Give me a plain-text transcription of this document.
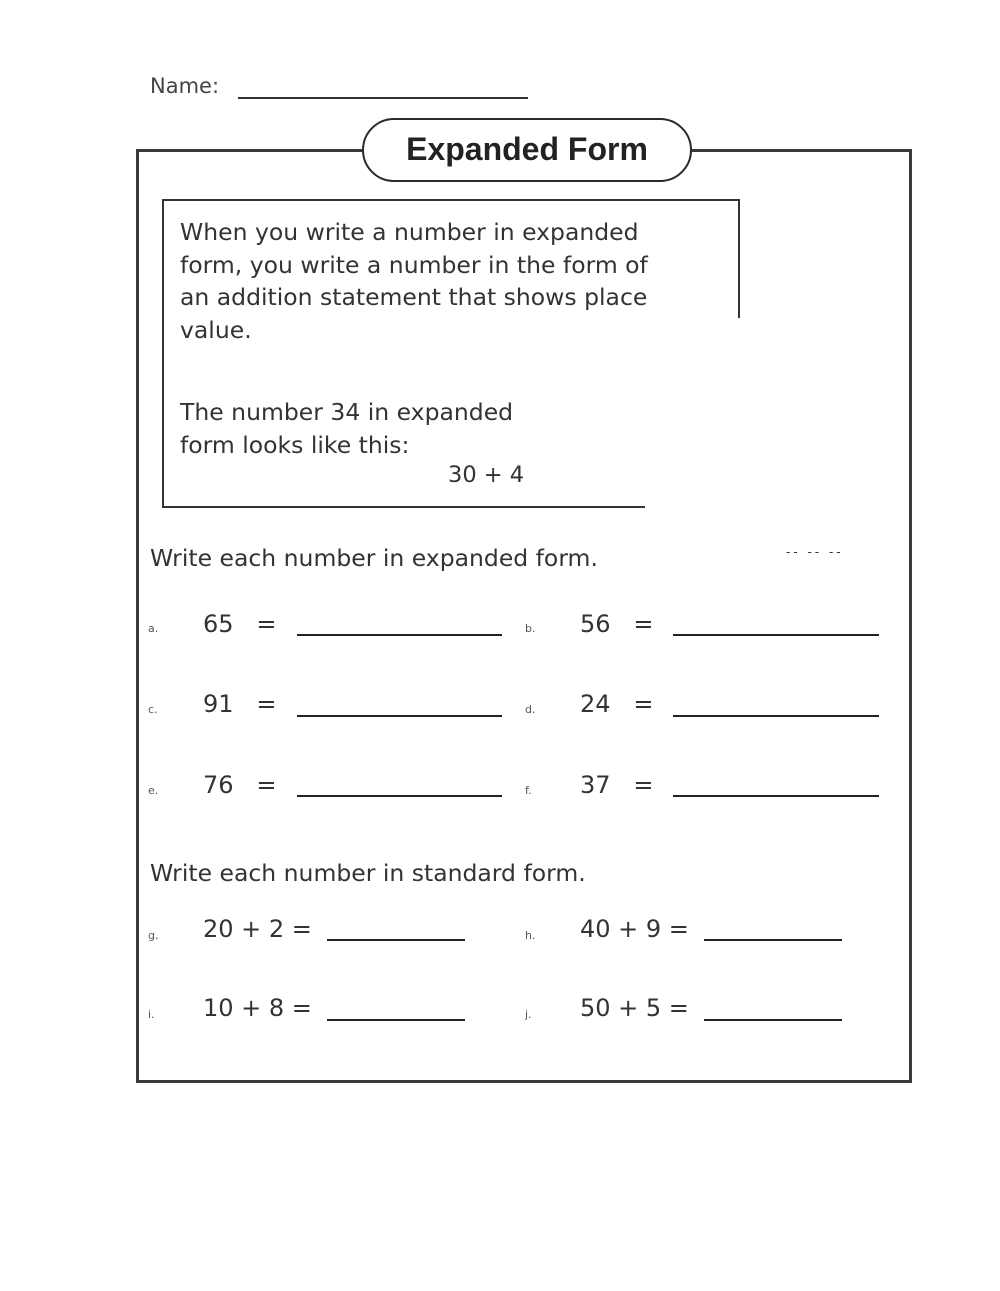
Name:
Expanded Form
When you write a number in expanded
form, you write a number in the form of
an addition statement that shows place
value.
The number 34 in expanded
form looks like this:
30 + 4
-- -- --
Write each number in expanded form.
a. 65   =	b. 56   =
c. 91   =	d. 24   =
e. 76   =	f. 37   =
Write each number in standard form.
g. 20 + 2 =	h. 40 + 9 =
i. 10 + 8 =	j. 50 + 5 =
